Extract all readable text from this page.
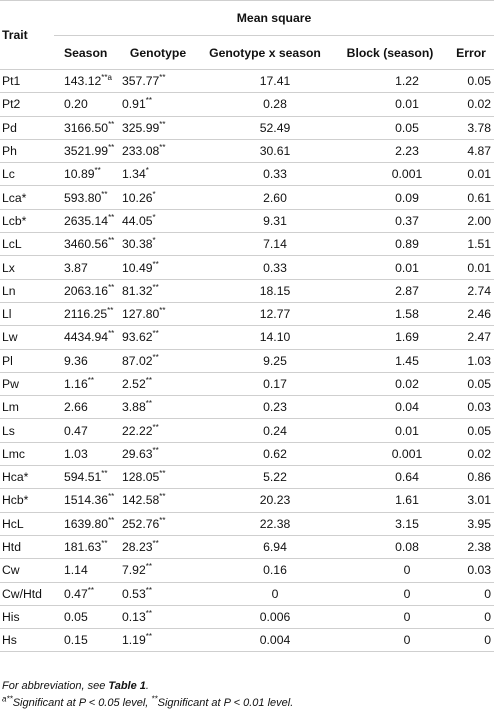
Trait	Mean square				
	Season	Genotype	Genotype x season	Block (season)	Error
Pt1	143.12$^{**a}$	357.77**	17.41	1.22	0.05
Pt2	0.20	0.91**	0.28	0.01	0.02
Pd	3166.50**	325.99**	52.49	0.05	3.78
Ph	3521.99**	233.08**	30.61	2.23	4.87
Lc	10.89**	1.34*	0.33	0.001	0.01
Lca*	593.80**	10.26*	2.60	0.09	0.61
Lcb*	2635.14**	44.05*	9.31	0.37	2.00
LcL	3460.56**	30.38*	7.14	0.89	1.51
Lx	3.87	10.49**	0.33	0.01	0.01
Ln	2063.16**	81.32**	18.15	2.87	2.74
Ll	2116.25**	127.80**	12.77	1.58	2.46
Lw	4434.94**	93.62**	14.10	1.69	2.47
Pl	9.36	87.02**	9.25	1.45	1.03
Pw	1.16**	2.52**	0.17	0.02	0.05
Lm	2.66	3.88**	0.23	0.04	0.03
Ls	0.47	22.22**	0.24	0.01	0.05
Lmc	1.03	29.63**	0.62	0.001	0.02
Hca*	594.51**	128.05**	5.22	0.64	0.86
Hcb*	1514.36**	142.58**	20.23	1.61	3.01
HcL	1639.80**	252.76**	22.38	3.15	3.95
Htd	181.63**	28.23**	6.94	0.08	2.38
Cw	1.14	7.92**	0.16	0	0.03
Cw/Htd	0.47**	0.53**	0	0	0
His	0.05	0.13**	0.006	0	0
Hs	0.15	1.19**	0.004	0	0
For abbreviation, see Table 1.
$^{a**}$Significant at P < 0.05 level, **Significant at P < 0.01 level.
